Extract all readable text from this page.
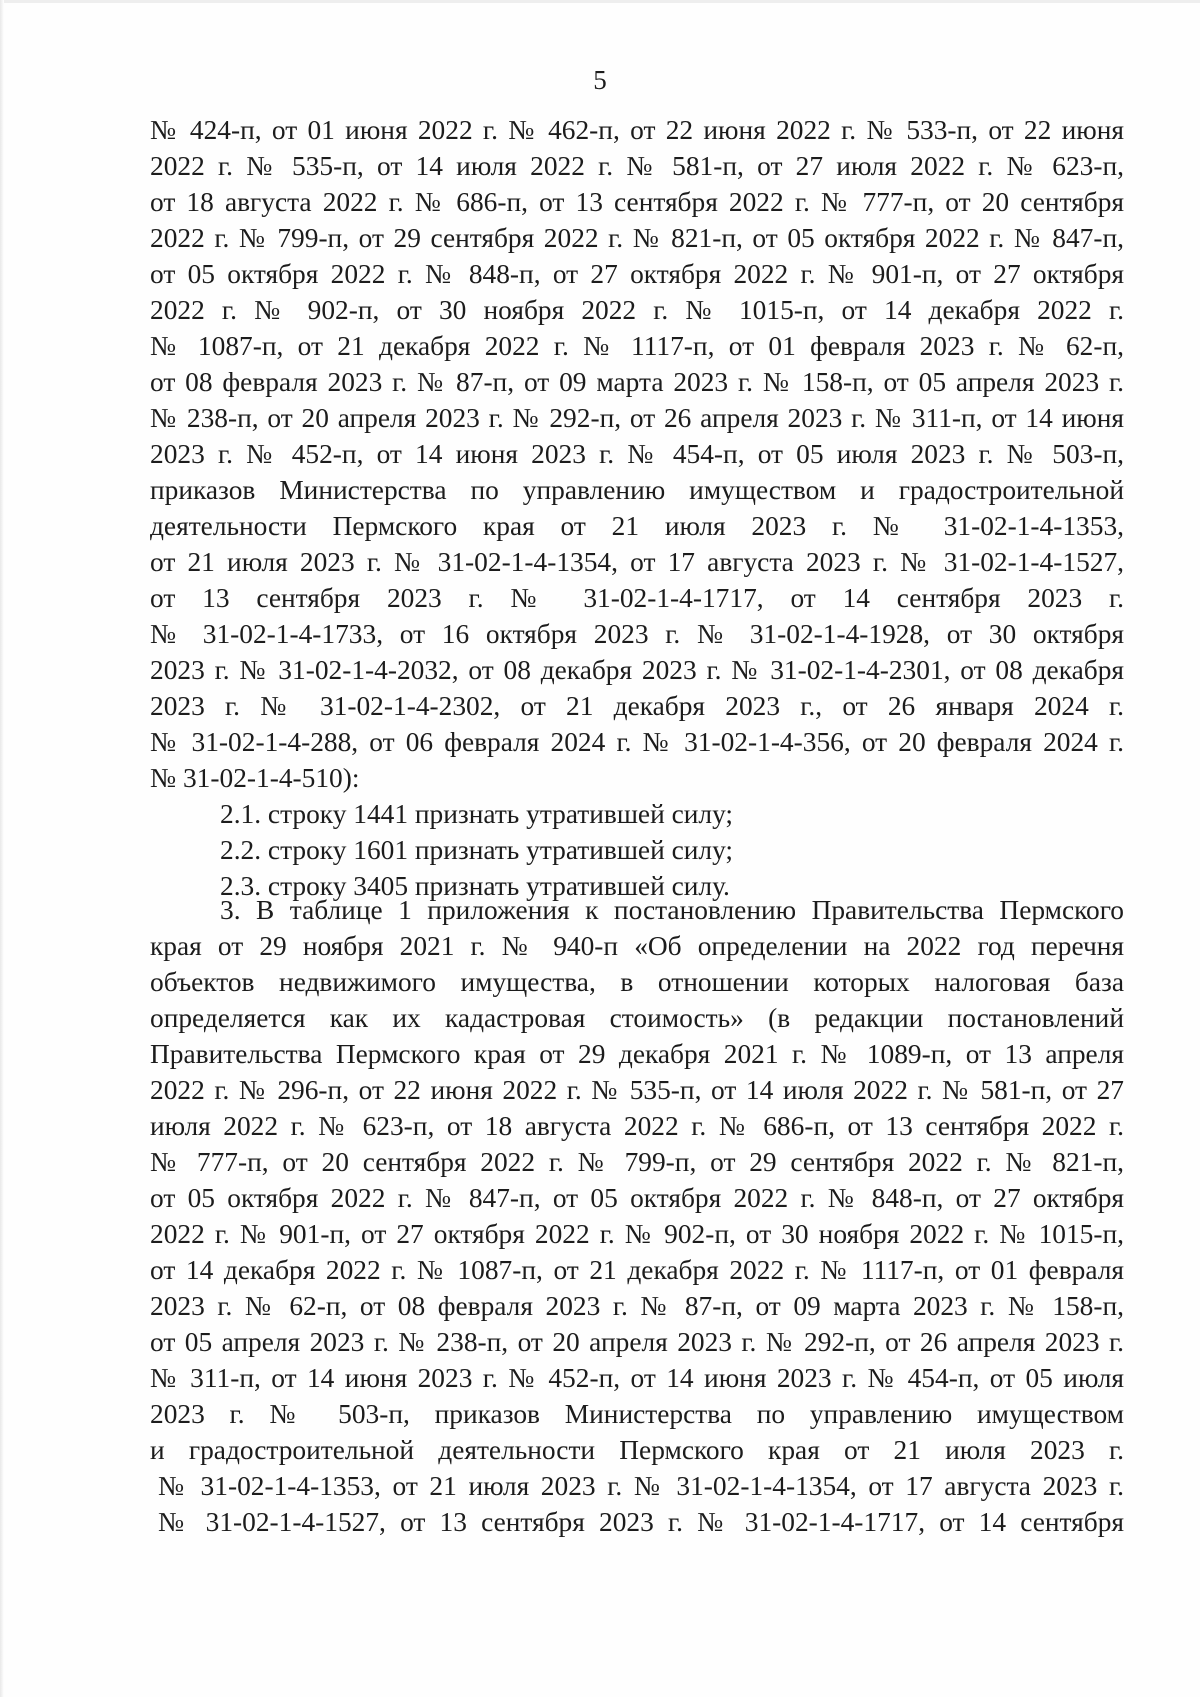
5
№ 424-п, от 01 июня 2022 г. № 462-п, от 22 июня 2022 г. № 533-п, от 22 июня
2022 г. № 535-п, от 14 июля 2022 г. № 581-п, от 27 июля 2022 г. № 623-п,
от 18 августа 2022 г. № 686-п, от 13 сентября 2022 г. № 777-п, от 20 сентября
2022 г. № 799-п, от 29 сентября 2022 г. № 821-п, от 05 октября 2022 г. № 847-п,
от 05 октября 2022 г. № 848-п, от 27 октября 2022 г. № 901-п, от 27 октября
2022 г. № 902-п, от 30 ноября 2022 г. № 1015-п, от 14 декабря 2022 г.
№ 1087-п, от 21 декабря 2022 г. № 1117-п, от 01 февраля 2023 г. № 62-п,
от 08 февраля 2023 г. № 87-п, от 09 марта 2023 г. № 158-п, от 05 апреля 2023 г.
№ 238-п, от 20 апреля 2023 г. № 292-п, от 26 апреля 2023 г. № 311-п, от 14 июня
2023 г. № 452-п, от 14 июня 2023 г. № 454-п, от 05 июля 2023 г. № 503-п,
приказов Министерства по управлению имуществом и градостроительной
деятельности Пермского края от 21 июля 2023 г. № 31-02-1-4-1353,
от 21 июля 2023 г. № 31-02-1-4-1354, от 17 августа 2023 г. № 31-02-1-4-1527,
от 13 сентября 2023 г. № 31-02-1-4-1717, от 14 сентября 2023 г.
№ 31-02-1-4-1733, от 16 октября 2023 г. № 31-02-1-4-1928, от 30 октября
2023 г. № 31-02-1-4-2032, от 08 декабря 2023 г. № 31-02-1-4-2301, от 08 декабря
2023 г. № 31-02-1-4-2302, от 21 декабря 2023 г., от 26 января 2024 г.
№ 31-02-1-4-288, от 06 февраля 2024 г. № 31-02-1-4-356, от 20 февраля 2024 г.
№ 31-02-1-4-510):
2.1. строку 1441 признать утратившей силу;
2.2. строку 1601 признать утратившей силу;
2.3. строку 3405 признать утратившей силу.
3. В таблице 1 приложения к постановлению Правительства Пермского
края от 29 ноября 2021 г. № 940-п «Об определении на 2022 год перечня
объектов недвижимого имущества, в отношении которых налоговая база
определяется как их кадастровая стоимость» (в редакции постановлений
Правительства Пермского края от 29 декабря 2021 г. № 1089-п, от 13 апреля
2022 г. № 296-п, от 22 июня 2022 г. № 535-п, от 14 июля 2022 г. № 581-п, от 27
июля 2022 г. № 623-п, от 18 августа 2022 г. № 686-п, от 13 сентября 2022 г.
№ 777-п, от 20 сентября 2022 г. № 799-п, от 29 сентября 2022 г. № 821-п,
от 05 октября 2022 г. № 847-п, от 05 октября 2022 г. № 848-п, от 27 октября
2022 г. № 901-п, от 27 октября 2022 г. № 902-п, от 30 ноября 2022 г. № 1015-п,
от 14 декабря 2022 г. № 1087-п, от 21 декабря 2022 г. № 1117-п, от 01 февраля
2023 г. № 62-п, от 08 февраля 2023 г. № 87-п, от 09 марта 2023 г. № 158-п,
от 05 апреля 2023 г. № 238-п, от 20 апреля 2023 г. № 292-п, от 26 апреля 2023 г.
№ 311-п, от 14 июня 2023 г. № 452-п, от 14 июня 2023 г. № 454-п, от 05 июля
2023 г. № 503-п, приказов Министерства по управлению имуществом
и градостроительной деятельности Пермского края от 21 июля 2023 г.
№ 31-02-1-4-1353, от 21 июля 2023 г. № 31-02-1-4-1354, от 17 августа 2023 г.
№ 31-02-1-4-1527, от 13 сентября 2023 г. № 31-02-1-4-1717, от 14 сентября
